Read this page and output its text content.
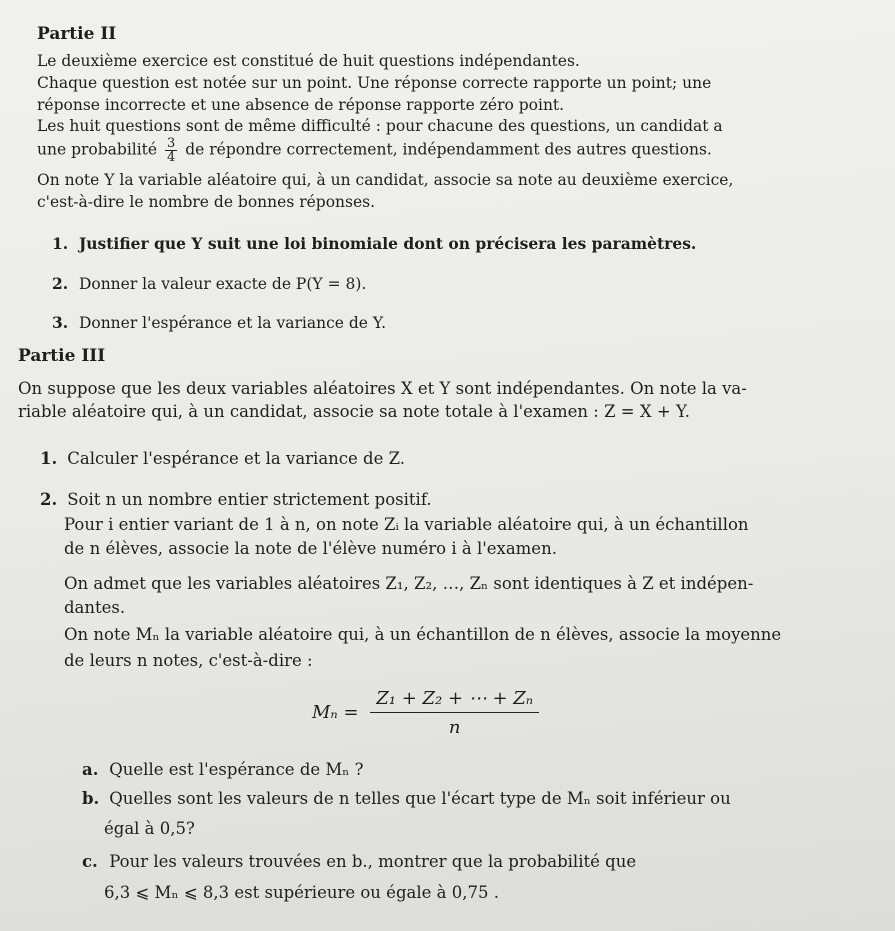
Partie II
Le deuxième exercice est constitué de huit questions indépendantes.
Chaque question est notée sur un point. Une réponse correcte rapporte un point; une
réponse incorrecte et une absence de réponse rapporte zéro point.
Les huit questions sont de même difficulté : pour chacune des questions, un candidat a
une probabilité $\frac{3}{4}$ de répondre correctement, indépendamment des autres questions.
On note Y la variable aléatoire qui, à un candidat, associe sa note au deuxième exercice,
c'est-à-dire le nombre de bonnes réponses.
1. Justifier que Y suit une loi binomiale dont on précisera les paramètres.
2. Donner la valeur exacte de P(Y = 8).
3. Donner l'espérance et la variance de Y.
Partie III
On suppose que les deux variables aléatoires X et Y sont indépendantes. On note la va-
riable aléatoire qui, à un candidat, associe sa note totale à l'examen : Z = X + Y.
1. Calculer l'espérance et la variance de Z.
2. Soit n un nombre entier strictement positif.
Pour i entier variant de 1 à n, on note Zᵢ la variable aléatoire qui, à un échantillon
de n élèves, associe la note de l'élève numéro i à l'examen.
On admet que les variables aléatoires Z₁, Z₂, …, Zₙ sont identiques à Z et indépen-
dantes.
On note Mₙ la variable aléatoire qui, à un échantillon de n élèves, associe la moyenne
de leurs n notes, c'est-à-dire :
$M_n = \frac{\text{Z₁ + Z₂ + ⋯ + Zₙ}}{n}$
a. Quelle est l'espérance de Mₙ ?
b. Quelles sont les valeurs de n telles que l'écart type de Mₙ soit inférieur ou
égal à 0,5?
c. Pour les valeurs trouvées en b., montrer que la probabilité que
6,3 ⩽ Mₙ ⩽ 8,3 est supérieure ou égale à 0,75 .
